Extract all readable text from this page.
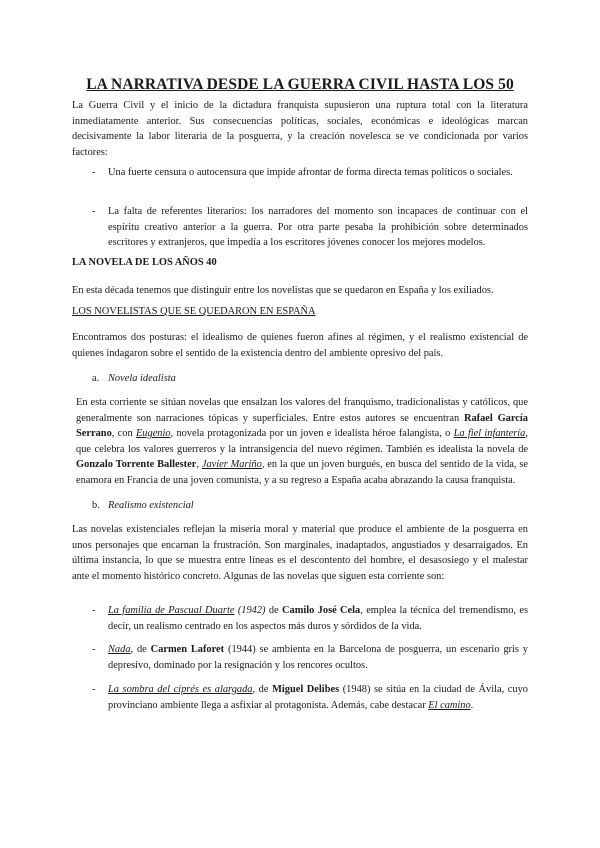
LA NARRATIVA DESDE LA GUERRA CIVIL HASTA LOS 50

La Guerra Civil y el inicio de la dictadura franquista supusieron una ruptura total con la literatura inmediatamente anterior. Sus consecuencias políticas, sociales, económicas e ideológicas marcan decisivamente la labor literaria de la posguerra, y la creación novelesca se ve condicionada por varios factores:

- Una fuerte censura o autocensura que impide afrontar de forma directa temas políticos o sociales.
- La falta de referentes literarios: los narradores del momento son incapaces de continuar con el espíritu creativo anterior a la guerra. Por otra parte pesaba la prohibición sobre determinados escritores y extranjeros, que impedía a los escritores jóvenes conocer los mejores modelos.
LA NOVELA DE LOS AÑOS 40
En esta década tenemos que distinguir entre los novelistas que se quedaron en España y los exiliados.
LOS NOVELISTAS QUE SE QUEDARON EN ESPAÑA

Encontramos dos posturas: el idealismo de quienes fueron afines al régimen, y el realismo existencial de quienes indagaron sobre el sentido de la existencia dentro del ambiente opresivo del país.

a. Novela idealista

En esta corriente se sitúan novelas que ensalzan los valores del franquismo, tradicionalistas y católicos, que generalmente son narraciones tópicas y superficiales. Entre estos autores se encuentran Rafael García Serrano, con Eugenio, novela protagonizada por un joven e idealista héroe falangista, o La fiel infantería, que celebra los valores guerreros y la intransigencia del nuevo régimen. También es idealista la novela de Gonzalo Torrente Ballester, Javier Mariño, en la que un joven burgués, en busca del sentido de la vida, se enamora en Francia de una joven comunista, y a su regreso a España acaba abrazando la causa franquista.

b. Realismo existencial

Las novelas existenciales reflejan la miseria moral y material que produce el ambiente de la posguerra en unos personajes que encarnan la frustración. Son marginales, inadaptados, angustiados y desarraigados. En última instancia, lo que se muestra entre líneas es el descontento del hombre, el desasosiego y el malestar ante el momento histórico concreto. Algunas de las novelas que siguen esta corriente son:

- La familia de Pascual Duarte (1942) de Camilo José Cela, emplea la técnica del tremendismo, es decir, un realismo centrado en los aspectos más duros y sórdidos de la vida.

- Nada, de Carmen Laforet (1944) se ambienta en la Barcelona de posguerra, un escenario gris y depresivo, dominado por la resignación y los rencores ocultos.

- La sombra del ciprés es alargada, de Miguel Delibes (1948) se sitúa en la ciudad de Ávila, cuyo provinciano ambiente llega a asfixiar al protagonista. Además, cabe destacar El camino.
